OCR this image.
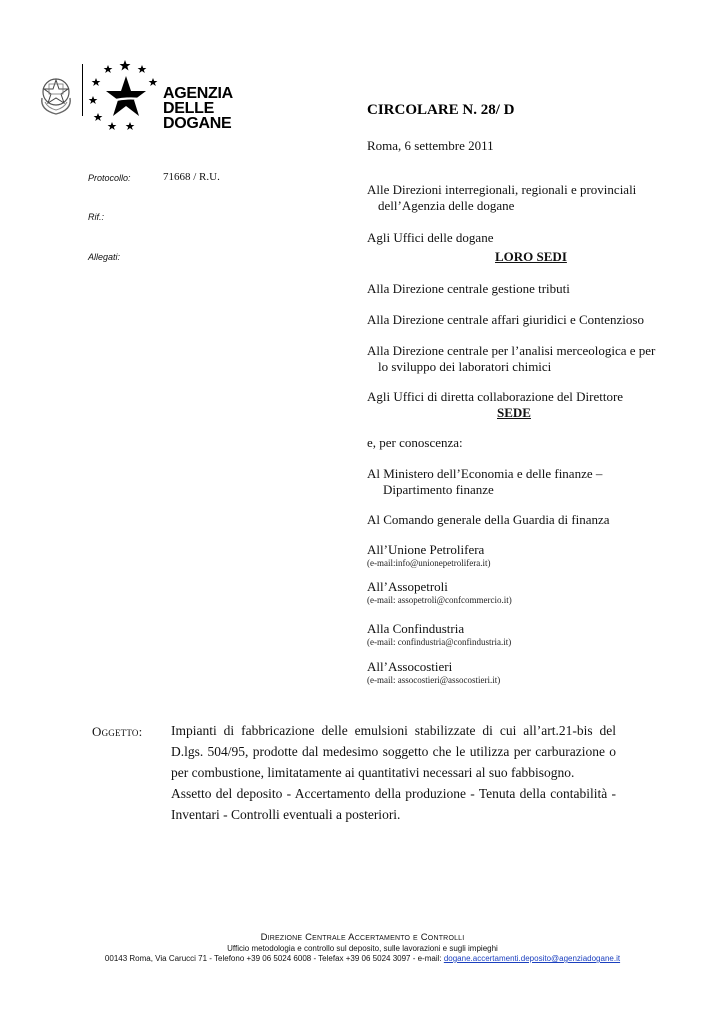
AGENZIA
DELLE
DOGANE
CIRCOLARE N. 28/ D
Roma, 6 settembre 2011
Protocollo:	71668 / R.U.
Rif.:
Allegati:
Alle Direzioni interregionali, regionali e provinciali
dell’Agenzia delle dogane
Agli Uffici delle dogane
LORO SEDI
Alla Direzione centrale gestione tributi
Alla Direzione centrale affari giuridici e Contenzioso
Alla Direzione centrale per l’analisi merceologica e per
lo sviluppo dei laboratori chimici
Agli Uffici di diretta collaborazione del Direttore
SEDE
e, per conoscenza:
Al Ministero dell’Economia e delle finanze –
Dipartimento finanze
Al Comando generale della Guardia di finanza
All’Unione Petrolifera
(e-mail:info@unionepetrolifera.it)
All’Assopetroli
(e-mail: assopetroli@confcommercio.it)
Alla Confindustria
(e-mail: confindustria@confindustria.it)
All’Assocostieri
(e-mail: assocostieri@assocostieri.it)
Oggetto: Impianti di fabbricazione delle emulsioni stabilizzate di cui all’art.21-bis del D.lgs. 504/95, prodotte dal medesimo soggetto che le utilizza per carburazione o per combustione, limitatamente ai quantitativi necessari al suo fabbisogno.

Assetto del deposito - Accertamento della produzione - Tenuta della contabilità - Inventari - Controlli eventuali a posteriori.

Direzione Centrale Accertamento e Controlli
Ufficio metodologia e controllo sul deposito, sulle lavorazioni e sugli impieghi
00143 Roma, Via Carucci 71 - Telefono +39 06 5024 6008 - Telefax +39 06 5024 3097 - e-mail: dogane.accertamenti.deposito@agenziadogane.it
